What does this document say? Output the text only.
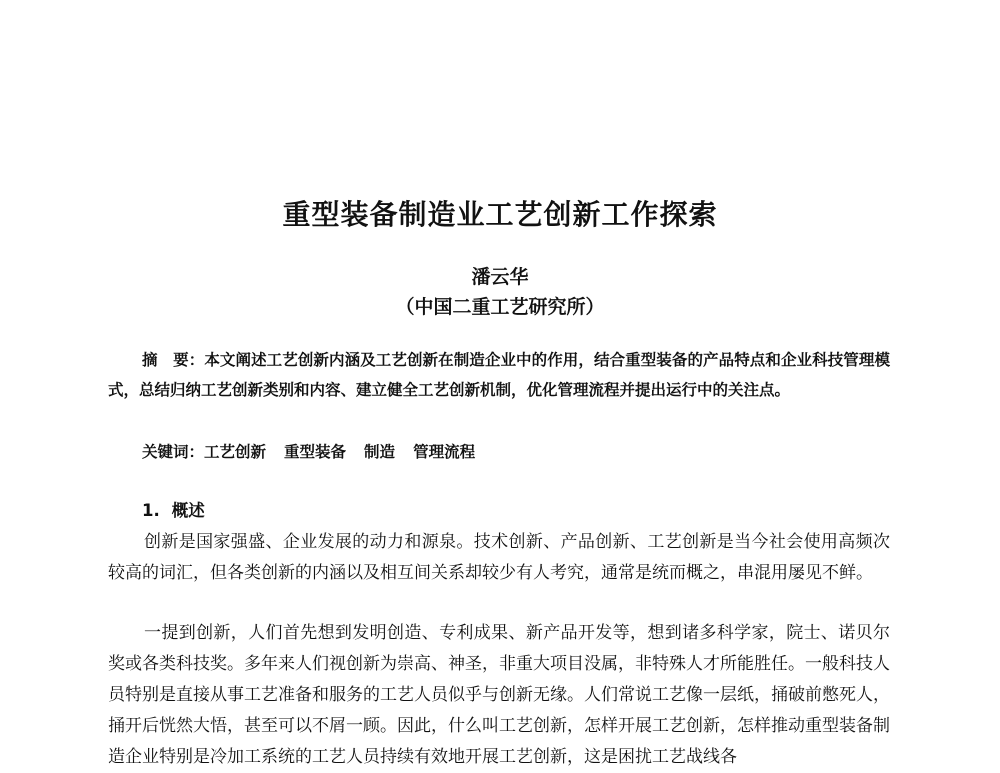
重型装备制造业工艺创新工作探索
潘云华
（中国二重工艺研究所）
摘　要：本文阐述工艺创新内涵及工艺创新在制造企业中的作用，结合重型装备的产品特点和企业科技管理模式，总结归纳工艺创新类别和内容、建立健全工艺创新机制，优化管理流程并提出运行中的关注点。
关键词：工艺创新 重型装备 制造 管理流程
1. 概述
创新是国家强盛、企业发展的动力和源泉。技术创新、产品创新、工艺创新是当今社会使用高频次较高的词汇，但各类创新的内涵以及相互间关系却较少有人考究，通常是统而概之，串混用屡见不鲜。
一提到创新，人们首先想到发明创造、专利成果、新产品开发等，想到诸多科学家，院士、诺贝尔奖或各类科技奖。多年来人们视创新为崇高、神圣，非重大项目没属，非特殊人才所能胜任。一般科技人员特别是直接从事工艺准备和服务的工艺人员似乎与创新无缘。人们常说工艺像一层纸，捅破前憋死人，捅开后恍然大悟，甚至可以不屑一顾。因此，什么叫工艺创新，怎样开展工艺创新，怎样推动重型装备制造企业特别是冷加工系统的工艺人员持续有效地开展工艺创新，这是困扰工艺战线各
